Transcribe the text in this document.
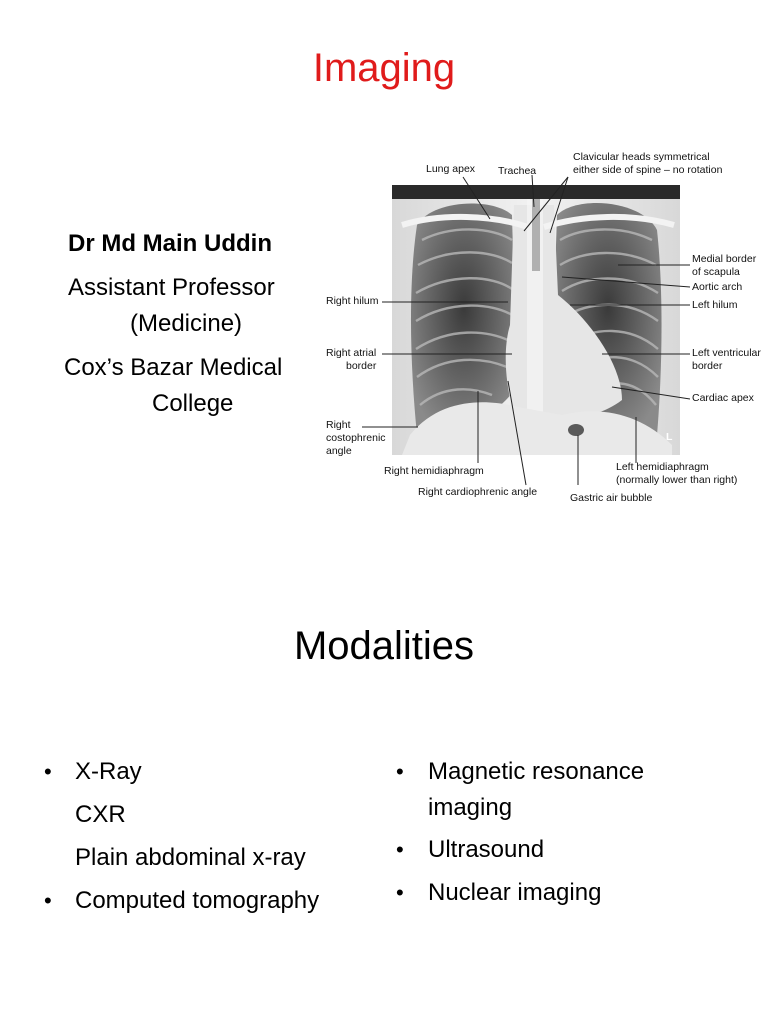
Imaging
Dr Md Main Uddin
Assistant Professor
(Medicine)
Cox’s Bazar Medical
College
Lung apex Trachea
Clavicular heads symmetrical
either side of spine – no rotation
Medial border
of scapula
Aortic arch
Left hilum
Right hilum
Right atrial
border
Left ventricular
border
Cardiac apex
Right
costophrenic
angle
L
Right hemidiaphragm	Left hemidiaphragm
(normally lower than right)
Right cardiophrenic angle	Gastric air bubble
Modalities
• X-Ray
CXR
Plain abdominal x-ray
• Computed tomography
• Magnetic resonance
imaging
• Ultrasound
• Nuclear imaging
